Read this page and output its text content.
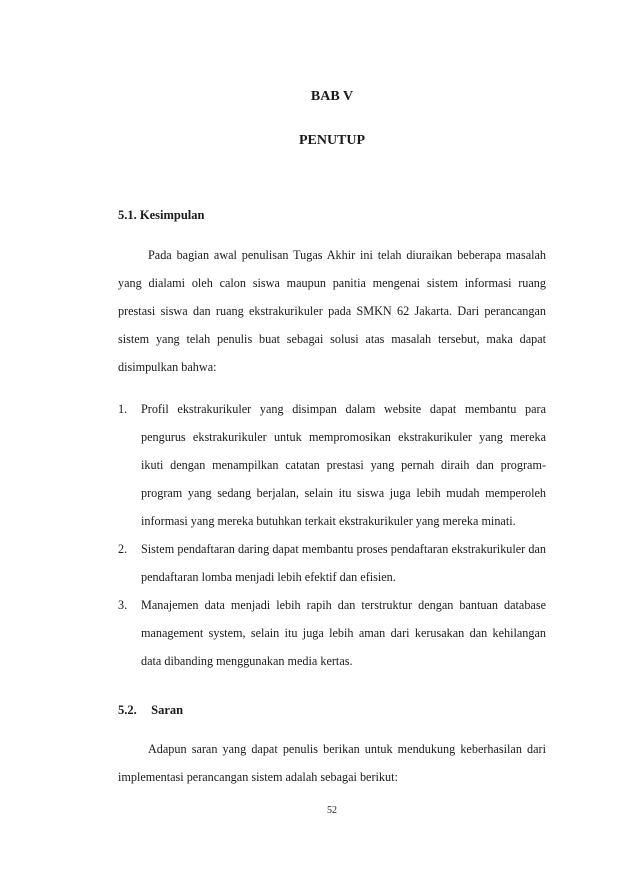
BAB V
PENUTUP
5.1. Kesimpulan

Pada bagian awal penulisan Tugas Akhir ini telah diuraikan beberapa masalah yang dialami oleh calon siswa maupun panitia mengenai sistem informasi ruang prestasi siswa dan ruang ekstrakurikuler pada SMKN 62 Jakarta. Dari perancangan sistem yang telah penulis buat sebagai solusi atas masalah tersebut, maka dapat disimpulkan bahwa:

1. Profil ekstrakurikuler yang disimpan dalam website dapat membantu para pengurus ekstrakurikuler untuk mempromosikan ekstrakurikuler yang mereka ikuti dengan menampilkan catatan prestasi yang pernah diraih dan program-program yang sedang berjalan, selain itu siswa juga lebih mudah memperoleh informasi yang mereka butuhkan terkait ekstrakurikuler yang mereka minati.
2. Sistem pendaftaran daring dapat membantu proses pendaftaran ekstrakurikuler dan pendaftaran lomba menjadi lebih efektif dan efisien.
3. Manajemen data menjadi lebih rapih dan terstruktur dengan bantuan database management system, selain itu juga lebih aman dari kerusakan dan kehilangan data dibanding menggunakan media kertas.
5.2. Saran

Adapun saran yang dapat penulis berikan untuk mendukung keberhasilan dari implementasi perancangan sistem adalah sebagai berikut:

52
